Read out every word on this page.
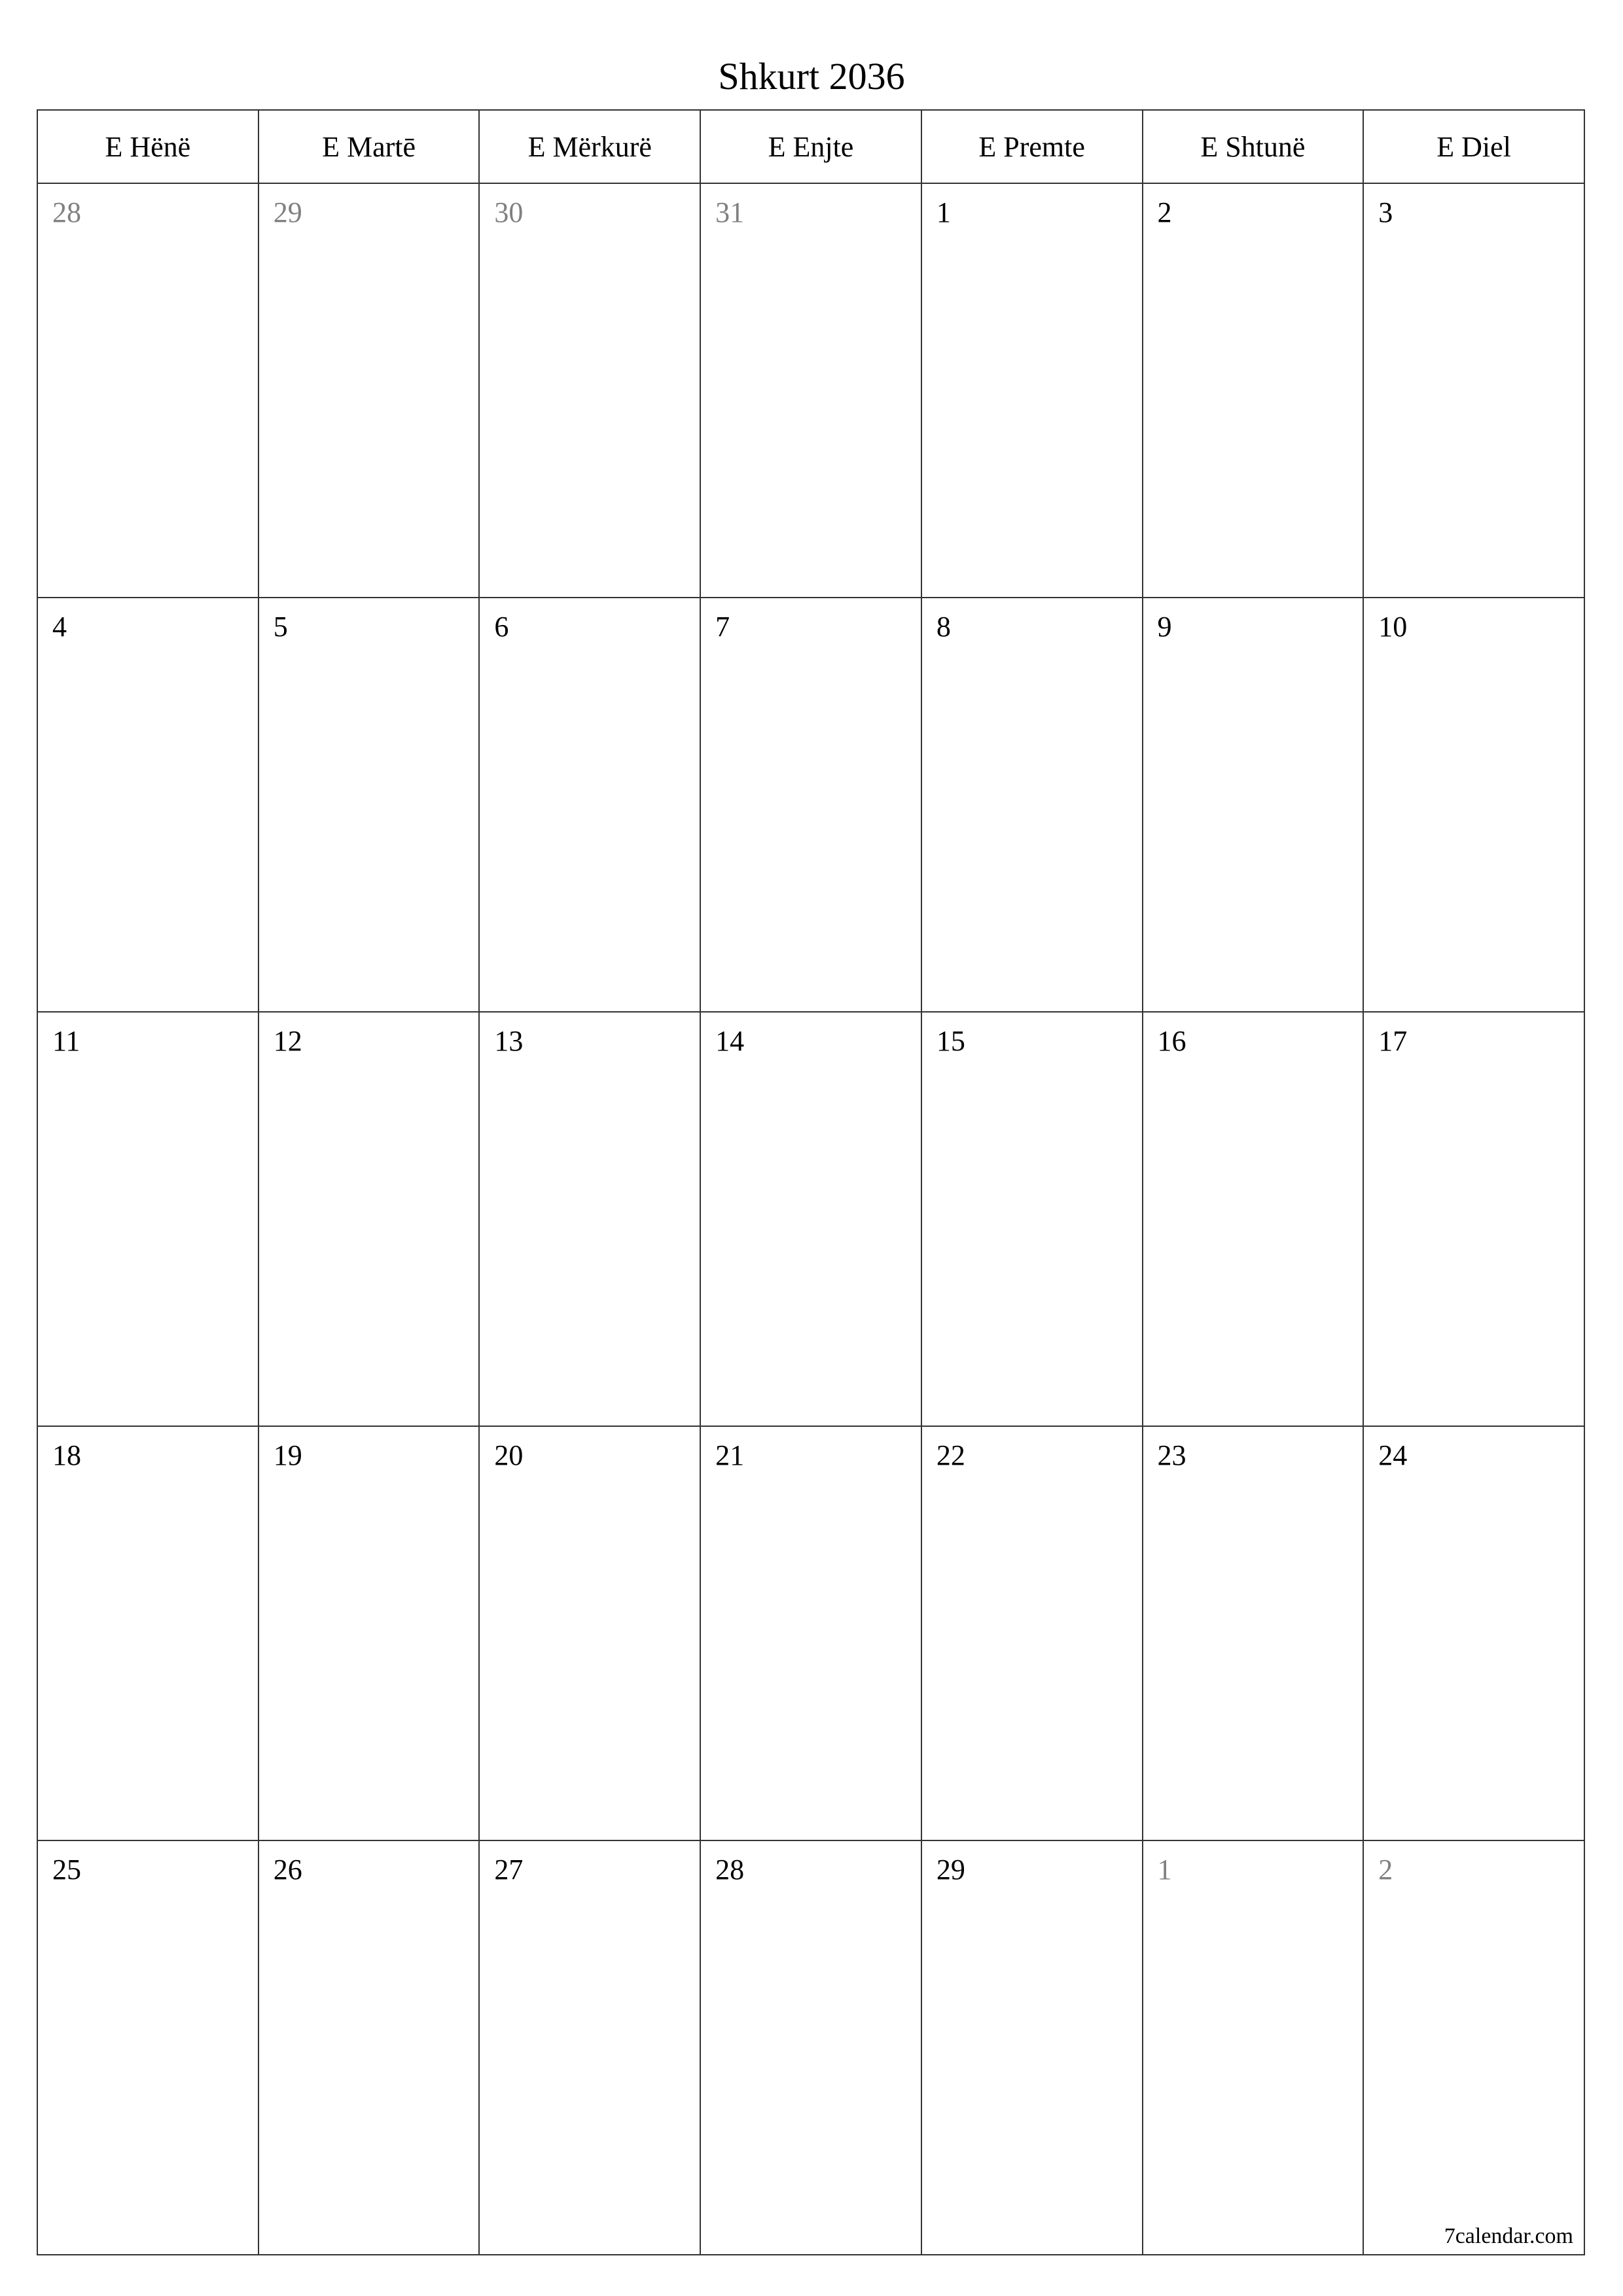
Shkurt 2036
E Hënë	E Martē	E Mërkurë	E Enjte	E Premte	E Shtunë	E Diel

28	29	30	31	1	2	3

4	5	6	7	8	9	10

11	12	13	14	15	16	17

18	19	20	21	22	23	24

25	26	27	28	29	1	2
7calendar.com
